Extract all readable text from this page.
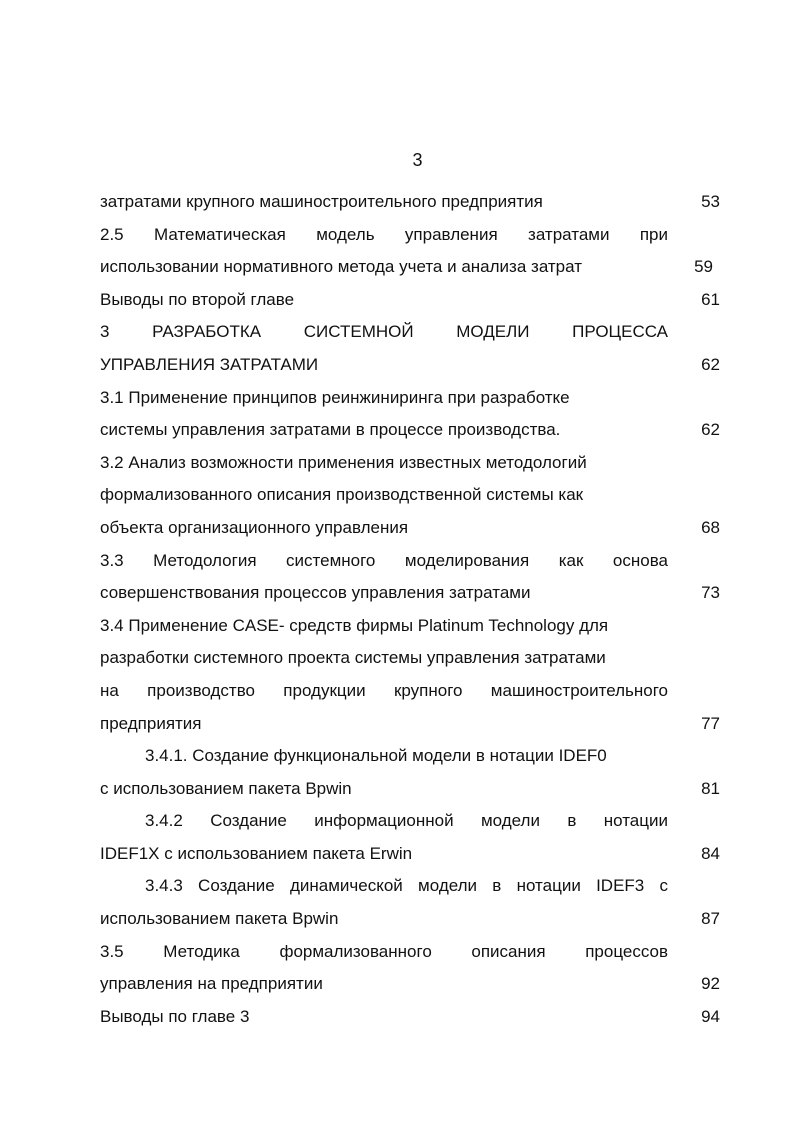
3
затратами крупного машиностроительного предприятия	53
2.5 Математическая модель управления затратами при
использовании нормативного метода учета и анализа затрат	59
Выводы по второй главе	61
3 РАЗРАБОТКА СИСТЕМНОЙ МОДЕЛИ ПРОЦЕССА
УПРАВЛЕНИЯ ЗАТРАТАМИ	62
3.1 Применение принципов реинжиниринга при разработке
системы управления затратами в процессе производства.	62
3.2 Анализ возможности применения известных методологий
формализованного описания производственной системы как
объекта организационного управления	68
3.3 Методология системного моделирования как основа
совершенствования процессов управления затратами	73
3.4 Применение CASE- средств фирмы Platinum Technology для
разработки системного проекта системы управления затратами
на производство продукции крупного машиностроительного
предприятия	77
3.4.1. Создание функциональной модели в нотации IDEF0
с использованием пакета Bpwin	81
3.4.2 Создание информационной модели в нотации
IDEF1X с использованием пакета Erwin	84
3.4.3 Создание динамической модели в нотации IDEF3 с
использованием пакета Bpwin	87
3.5 Методика формализованного описания процессов
управления на предприятии	92
Выводы по главе 3	94
